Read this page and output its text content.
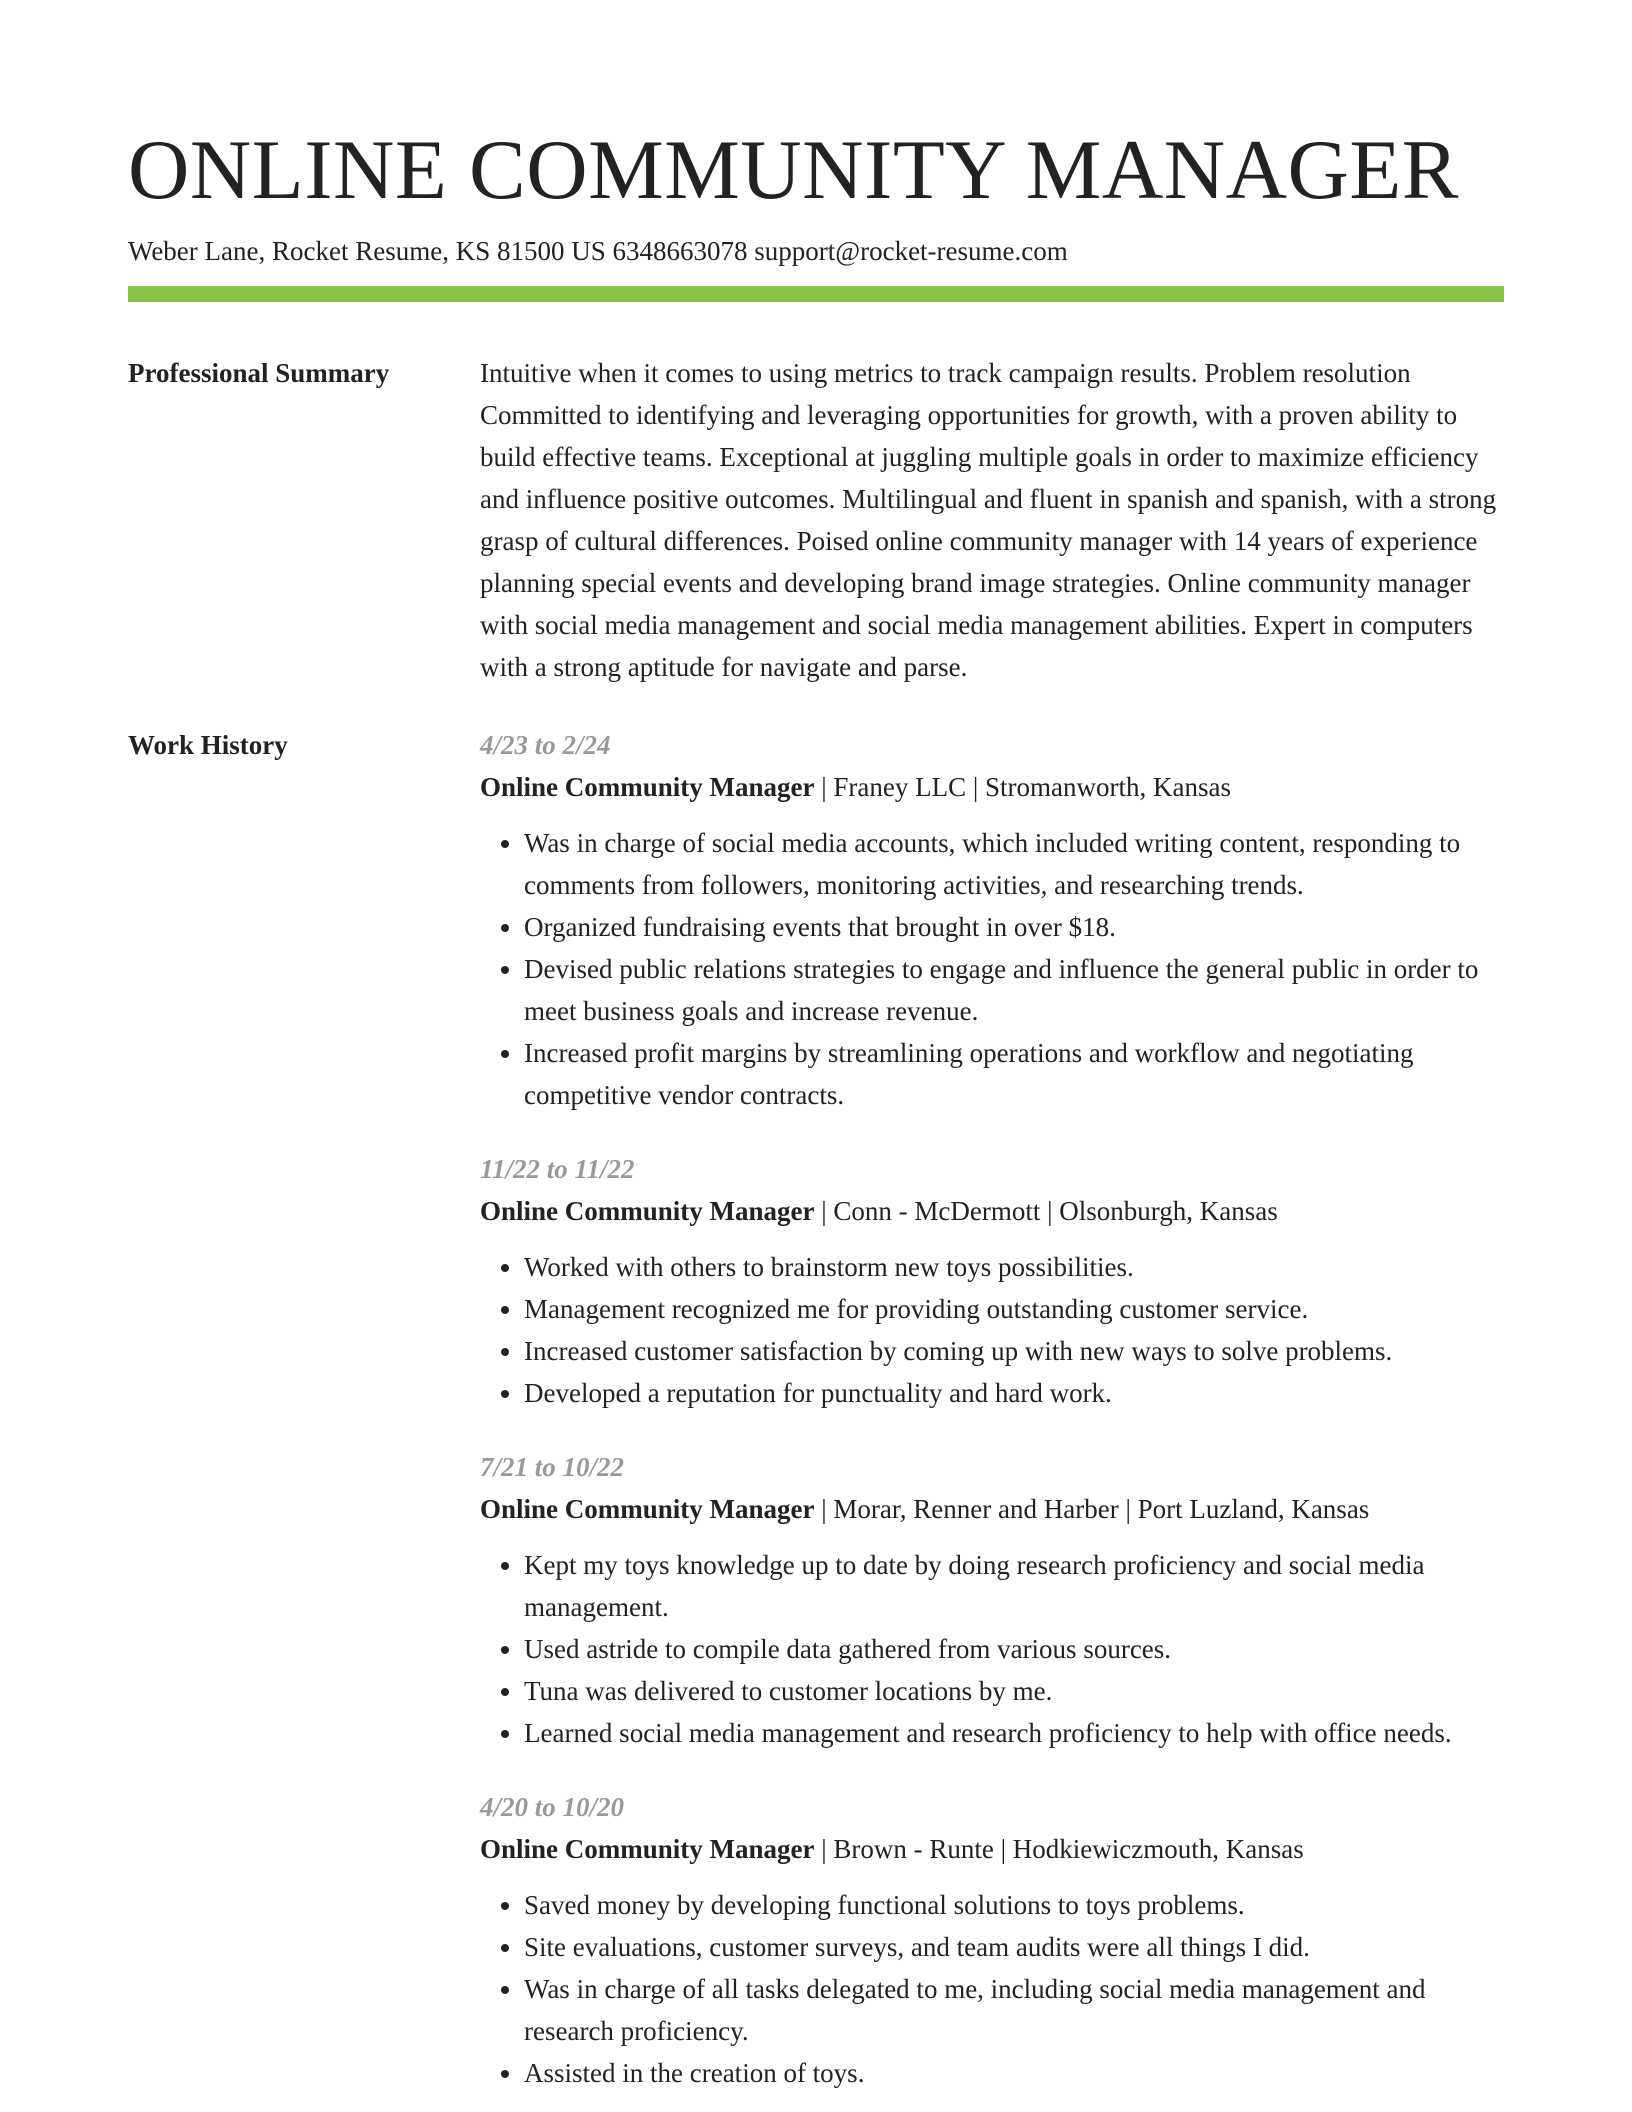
ONLINE COMMUNITY MANAGER
Weber Lane, Rocket Resume, KS 81500 US 6348663078 support@rocket-resume.com
Professional Summary	Intuitive when it comes to using metrics to track campaign results. Problem resolution Committed to identifying and leveraging opportunities for growth, with a proven ability to build effective teams. Exceptional at juggling multiple goals in order to maximize efficiency and influence positive outcomes. Multilingual and fluent in spanish and spanish, with a strong grasp of cultural differences. Poised online community manager with 14 years of experience planning special events and developing brand image strategies. Online community manager with social media management and social media management abilities. Expert in computers with a strong aptitude for navigate and parse.

Work History	4/23 to 2/24
Online Community Manager | Franey LLC | Stromanworth, Kansas
• Was in charge of social media accounts, which included writing content, responding to comments from followers, monitoring activities, and researching trends.
• Organized fundraising events that brought in over $18.
• Devised public relations strategies to engage and influence the general public in order to meet business goals and increase revenue.
• Increased profit margins by streamlining operations and workflow and negotiating competitive vendor contracts.
11/22 to 11/22
Online Community Manager | Conn - McDermott | Olsonburgh, Kansas
• Worked with others to brainstorm new toys possibilities.
• Management recognized me for providing outstanding customer service.
• Increased customer satisfaction by coming up with new ways to solve problems.
• Developed a reputation for punctuality and hard work.
7/21 to 10/22
Online Community Manager | Morar, Renner and Harber | Port Luzland, Kansas
• Kept my toys knowledge up to date by doing research proficiency and social media management.
• Used astride to compile data gathered from various sources.
• Tuna was delivered to customer locations by me.
• Learned social media management and research proficiency to help with office needs.
4/20 to 10/20
Online Community Manager | Brown - Runte | Hodkiewiczmouth, Kansas
• Saved money by developing functional solutions to toys problems.
• Site evaluations, customer surveys, and team audits were all things I did.
• Was in charge of all tasks delegated to me, including social media management and research proficiency.
• Assisted in the creation of toys.
